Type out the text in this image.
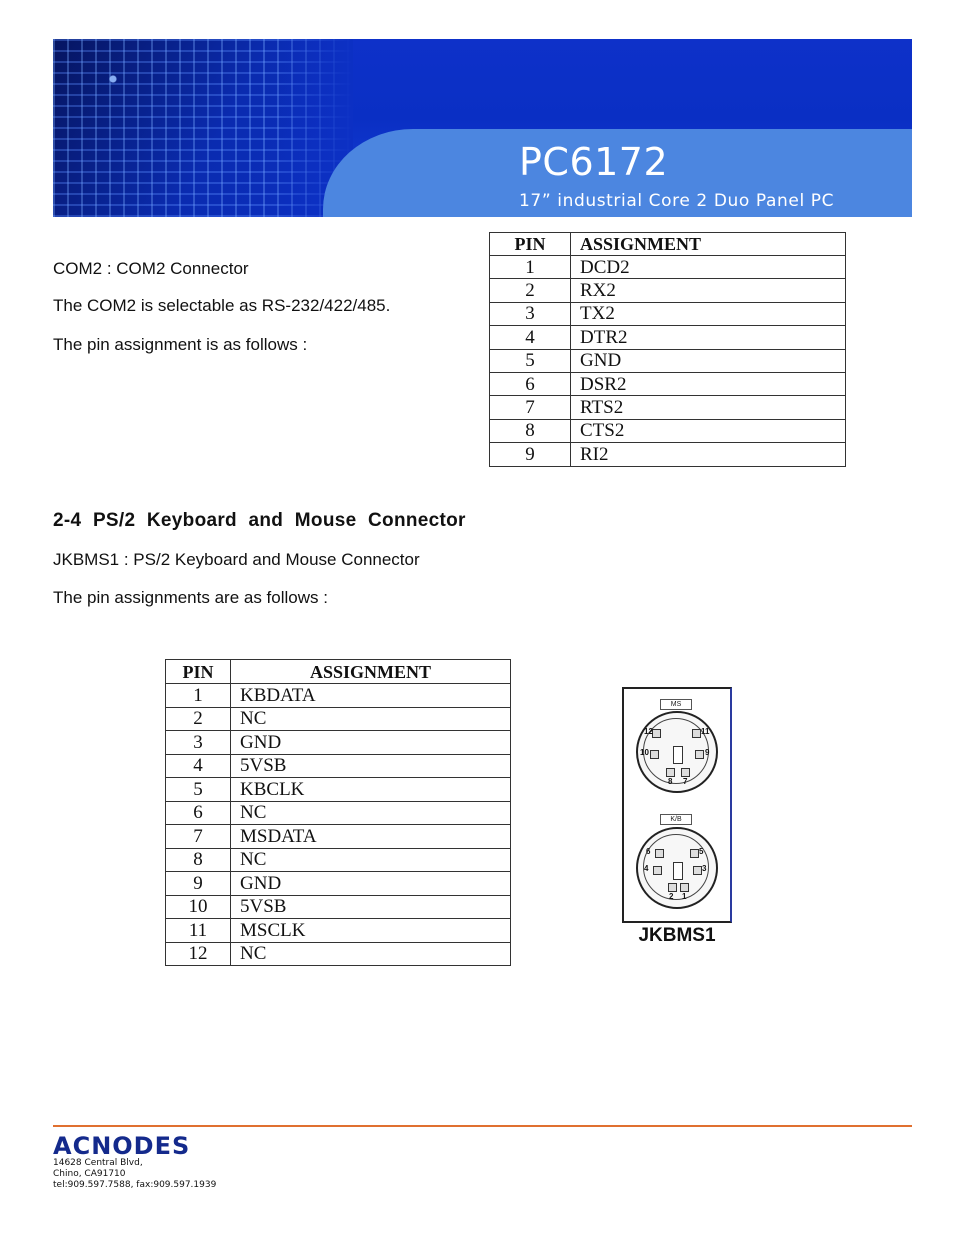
PC6172
17” industrial Core 2 Duo Panel PC
COM2 : COM2 Connector
The COM2 is selectable as RS-232/422/485.
The pin assignment is as follows :
PIN	ASSIGNMENT
1	DCD2
2	RX2
3	TX2
4	DTR2
5	GND
6	DSR2
7	RTS2
8	CTS2
9	RI2
2-4 PS/2 Keyboard and Mouse Connector
JKBMS1 : PS/2 Keyboard and Mouse Connector
The pin assignments are as follows :
PIN	ASSIGNMENT
1	KBDATA
2	NC
3	GND
4	5VSB
5	KBCLK
6	NC
7	MSDATA
8	NC
9	GND
10	5VSB
11	MSCLK
12	NC
MS
12	11
10	9
8 7
K/B
6	5
4	3
2 1
JKBMS1
ACNODES
14628 Central Blvd,
Chino, CA91710
tel:909.597.7588, fax:909.597.1939
